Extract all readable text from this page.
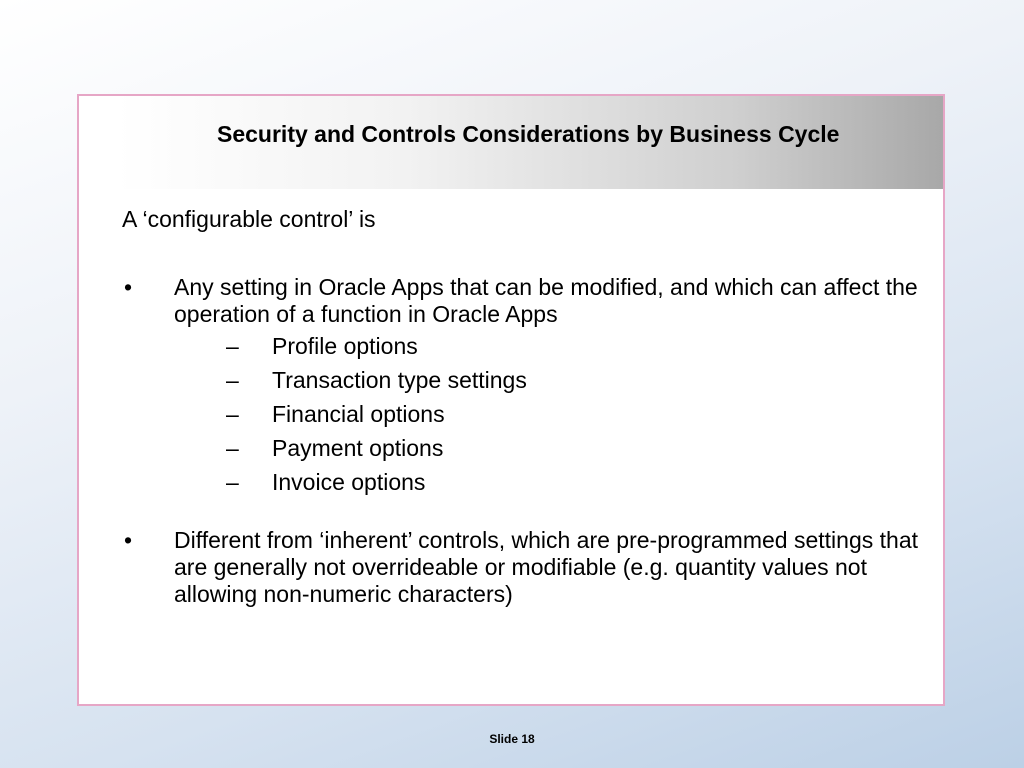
Security and Controls Considerations by Business Cycle

A ‘configurable control’ is

• Any setting in Oracle Apps that can be modified, and which can affect the operation of a function in Oracle Apps
– Profile options
– Transaction type settings
– Financial options
– Payment options
– Invoice options
• Different from ‘inherent’ controls, which are pre-programmed settings that are generally not overrideable or modifiable (e.g. quantity values not allowing non-numeric characters)
Slide 18
